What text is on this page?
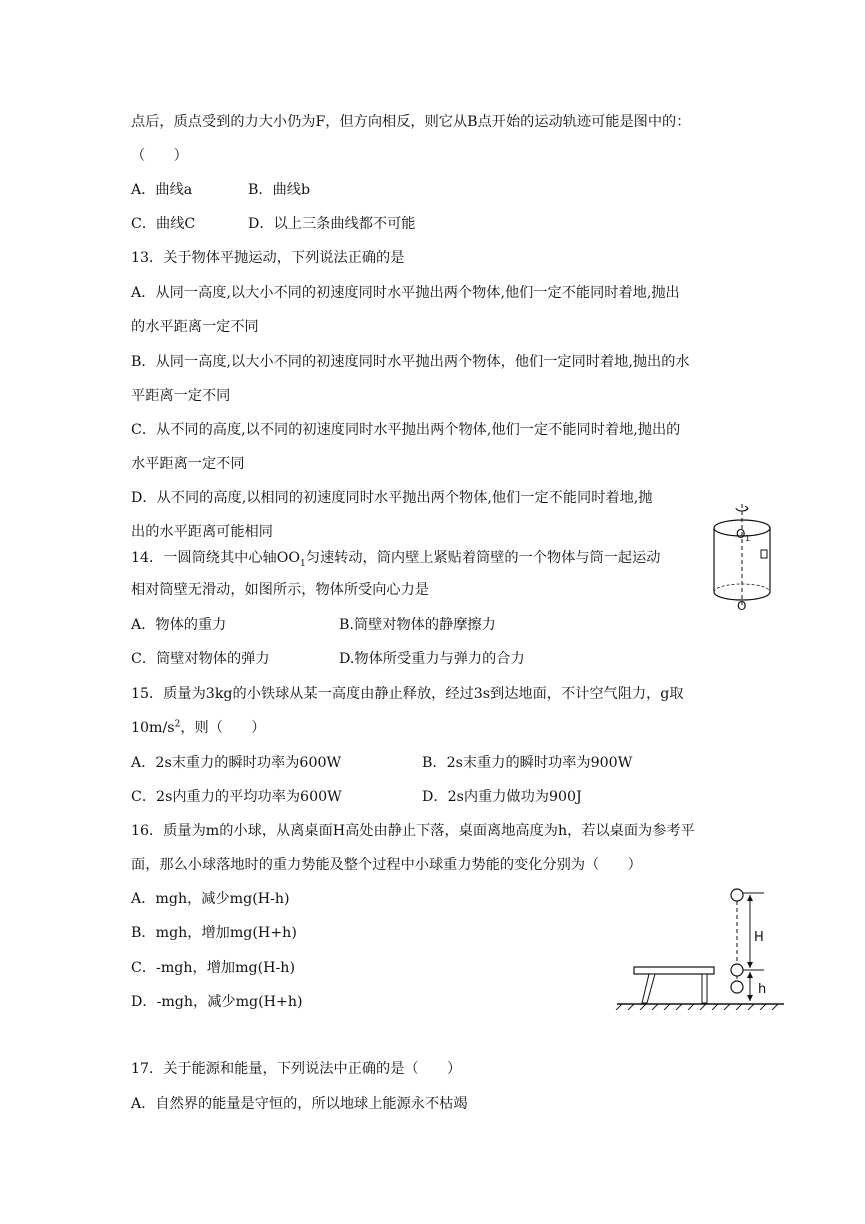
点后，质点受到的力大小仍为F，但方向相反，则它从B点开始的运动轨迹可能是图中的：
（　　）
A．曲线a	B．曲线b
C．曲线C	D．以上三条曲线都不可能
13．关于物体平抛运动，下列说法正确的是
A．从同一高度,以大小不同的初速度同时水平抛出两个物体,他们一定不能同时着地,抛出
的水平距离一定不同
B．从同一高度,以大小不同的初速度同时水平抛出两个物体，他们一定同时着地,抛出的水
平距离一定不同
C．从不同的高度,以不同的初速度同时水平抛出两个物体,他们一定不能同时着地,抛出的
水平距离一定不同
D．从不同的高度,以相同的初速度同时水平抛出两个物体,他们一定不能同时着地,抛
出的水平距离可能相同
14．一圆筒绕其中心轴$OO_1$匀速转动，筒内壁上紧贴着筒壁的一个物体与筒一起运动
相对筒壁无滑动，如图所示，物体所受向心力是
A．物体的重力	B.筒壁对物体的静摩擦力
C．筒壁对物体的弹力	D.物体所受重力与弹力的合力
O 1
O
15．质量为3kg的小铁球从某一高度由静止释放，经过3s到达地面，不计空气阻力，g取
$10m/s^2$，则（　　）
A．2s末重力的瞬时功率为600W	B．2s末重力的瞬时功率为900W
C．2s内重力的平均功率为600W	D．2s内重力做功为900J
16．质量为m的小球，从离桌面H高处由静止下落，桌面离地高度为h，若以桌面为参考平
面，那么小球落地时的重力势能及整个过程中小球重力势能的变化分别为（　　）
A．mgh，减少mg(H-h)
B．mgh，增加mg(H+h)
C．-mgh，增加mg(H-h)
D．-mgh，减少mg(H+h)
H
h
17．关于能源和能量，下列说法中正确的是（　　）
A．自然界的能量是守恒的，所以地球上能源永不枯竭
